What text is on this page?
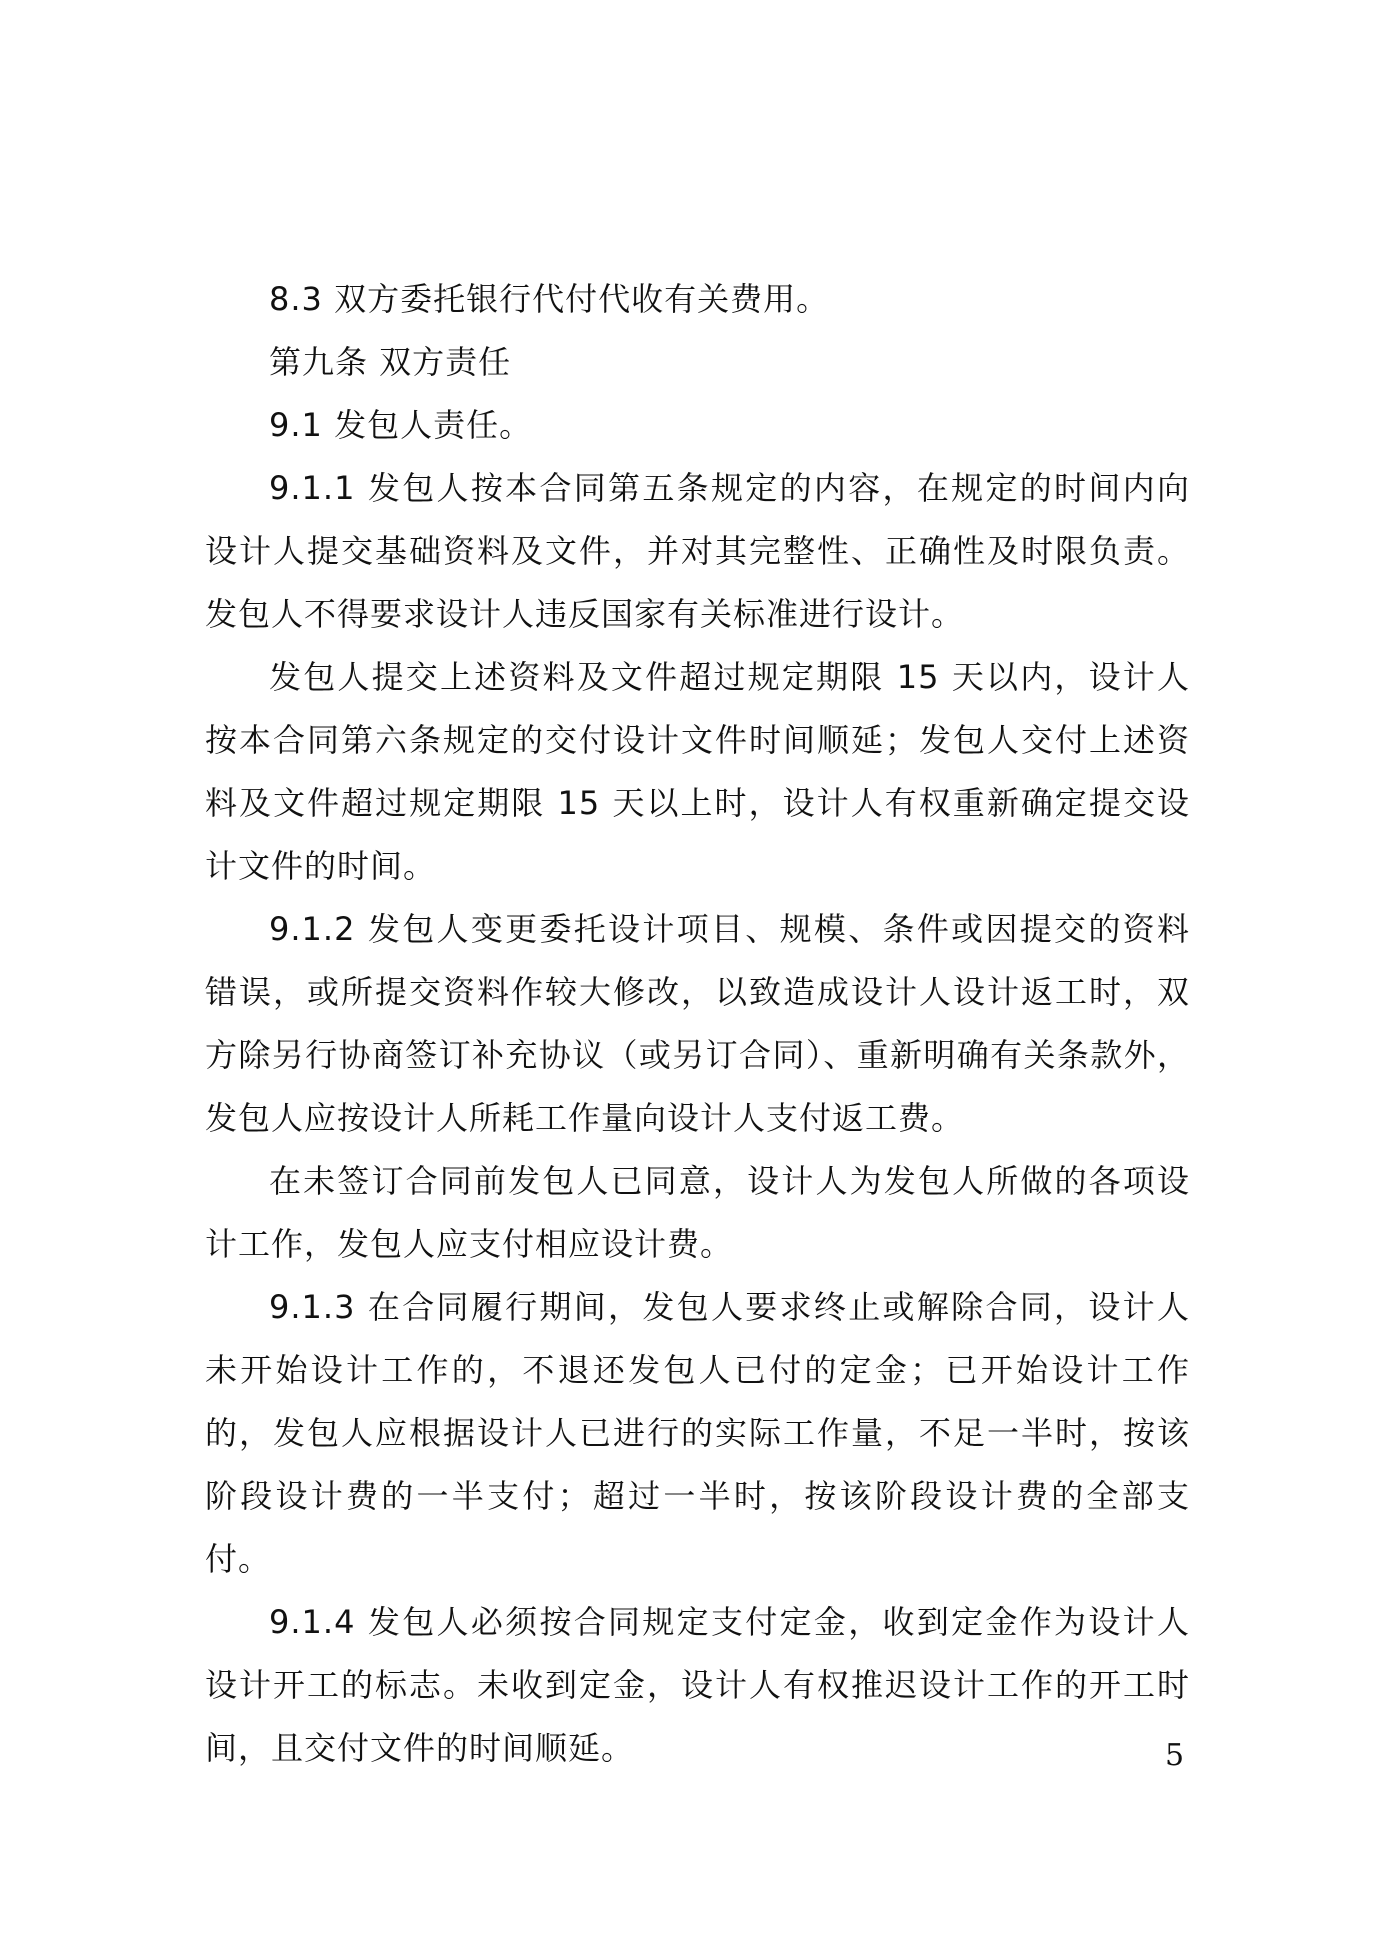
8.3 双方委托银行代付代收有关费用。

第九条 双方责任

9.1 发包人责任。

9.1.1 发包人按本合同第五条规定的内容，在规定的时间内向设计人提交基础资料及文件，并对其完整性、正确性及时限负责。发包人不得要求设计人违反国家有关标准进行设计。

发包人提交上述资料及文件超过规定期限 15 天以内，设计人按本合同第六条规定的交付设计文件时间顺延；发包人交付上述资料及文件超过规定期限 15 天以上时，设计人有权重新确定提交设计文件的时间。

9.1.2 发包人变更委托设计项目、规模、条件或因提交的资料错误，或所提交资料作较大修改，以致造成设计人设计返工时，双方除另行协商签订补充协议（或另订合同）、重新明确有关条款外，发包人应按设计人所耗工作量向设计人支付返工费。

在未签订合同前发包人已同意，设计人为发包人所做的各项设计工作，发包人应支付相应设计费。

9.1.3 在合同履行期间，发包人要求终止或解除合同，设计人未开始设计工作的，不退还发包人已付的定金；已开始设计工作的，发包人应根据设计人已进行的实际工作量，不足一半时，按该阶段设计费的一半支付；超过一半时，按该阶段设计费的全部支付。

9.1.4 发包人必须按合同规定支付定金，收到定金作为设计人设计开工的标志。未收到定金，设计人有权推迟设计工作的开工时间，且交付文件的时间顺延。	5
